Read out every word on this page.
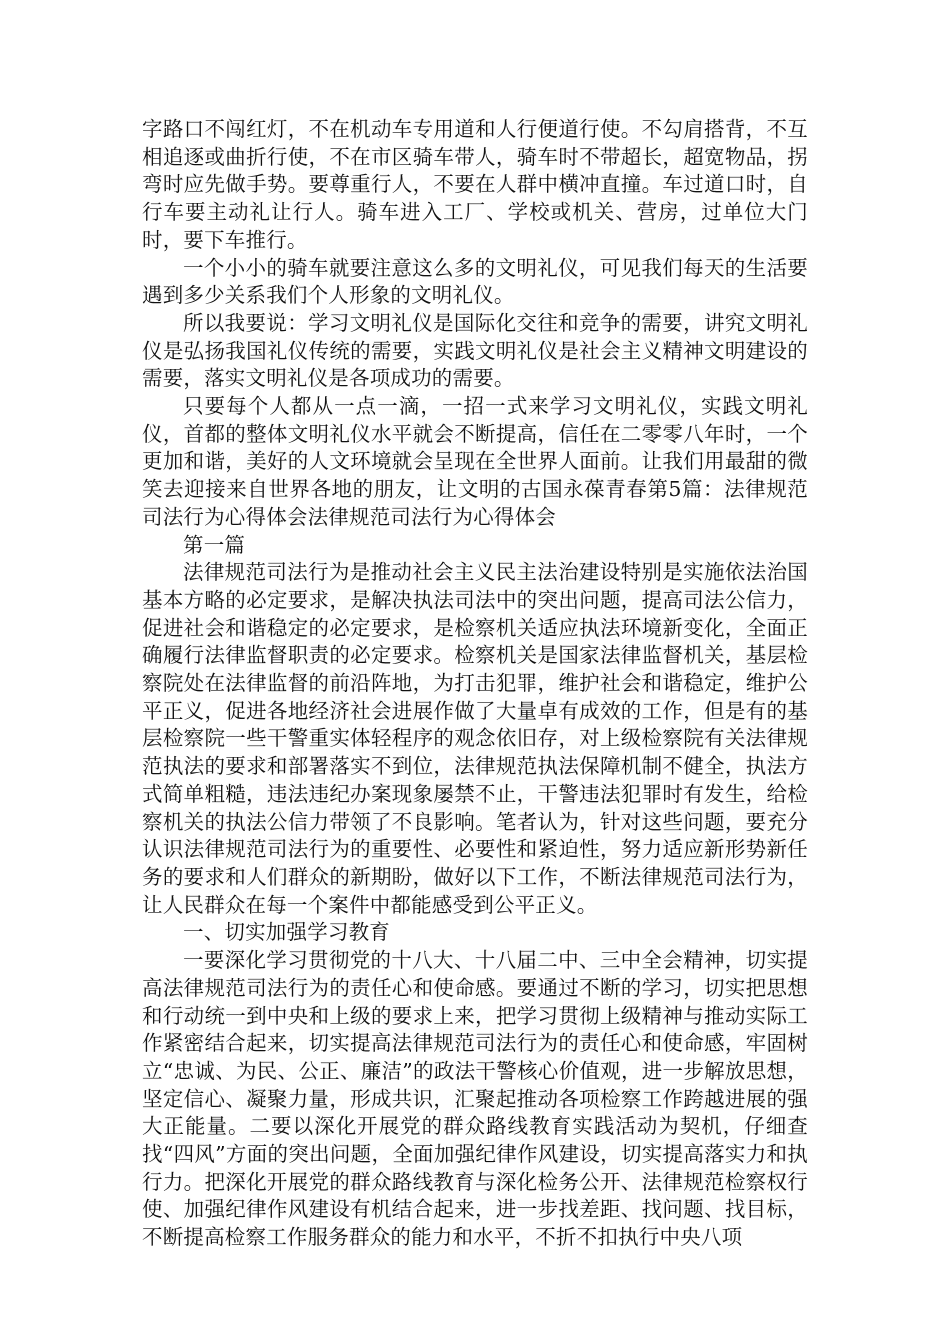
字路口不闯红灯，不在机动车专用道和人行便道行使。不勾肩搭背，不互相追逐或曲折行使，不在市区骑车带人，骑车时不带超长，超宽物品，拐弯时应先做手势。要尊重行人，不要在人群中横冲直撞。车过道口时，自行车要主动礼让行人。骑车进入工厂、学校或机关、营房，过单位大门时，要下车推行。

一个小小的骑车就要注意这么多的文明礼仪，可见我们每天的生活要遇到多少关系我们个人形象的文明礼仪。

所以我要说：学习文明礼仪是国际化交往和竞争的需要，讲究文明礼仪是弘扬我国礼仪传统的需要，实践文明礼仪是社会主义精神文明建设的需要，落实文明礼仪是各项成功的需要。

只要每个人都从一点一滴，一招一式来学习文明礼仪，实践文明礼仪，首都的整体文明礼仪水平就会不断提高，信任在二零零八年时，一个更加和谐，美好的人文环境就会呈现在全世界人面前。让我们用最甜的微笑去迎接来自世界各地的朋友，让文明的古国永葆青春第5篇：法律规范司法行为心得体会法律规范司法行为心得体会

第一篇

法律规范司法行为是推动社会主义民主法治建设特别是实施依法治国基本方略的必定要求，是解决执法司法中的突出问题，提高司法公信力，促进社会和谐稳定的必定要求，是检察机关适应执法环境新变化，全面正确履行法律监督职责的必定要求。检察机关是国家法律监督机关，基层检察院处在法律监督的前沿阵地，为打击犯罪，维护社会和谐稳定，维护公平正义，促进各地经济社会进展作做了大量卓有成效的工作，但是有的基层检察院一些干警重实体轻程序的观念依旧存，对上级检察院有关法律规范执法的要求和部署落实不到位，法律规范执法保障机制不健全，执法方式简单粗糙，违法违纪办案现象屡禁不止，干警违法犯罪时有发生，给检察机关的执法公信力带领了不良影响。笔者认为，针对这些问题，要充分认识法律规范司法行为的重要性、必要性和紧迫性，努力适应新形势新任务的要求和人们群众的新期盼，做好以下工作，不断法律规范司法行为，让人民群众在每一个案件中都能感受到公平正义。

一、切实加强学习教育

一要深化学习贯彻党的十八大、十八届二中、三中全会精神，切实提高法律规范司法行为的责任心和使命感。要通过不断的学习，切实把思想和行动统一到中央和上级的要求上来，把学习贯彻上级精神与推动实际工作紧密结合起来，切实提高法律规范司法行为的责任心和使命感，牢固树立“忠诚、为民、公正、廉洁”的政法干警核心价值观，进一步解放思想，坚定信心、凝聚力量，形成共识，汇聚起推动各项检察工作跨越进展的强大正能量。二要以深化开展党的群众路线教育实践活动为契机，仔细查找“四风”方面的突出问题，全面加强纪律作风建设，切实提高落实力和执行力。把深化开展党的群众路线教育与深化检务公开、法律规范检察权行使、加强纪律作风建设有机结合起来，进一步找差距、找问题、找目标，不断提高检察工作服务群众的能力和水平，不折不扣执行中央八项
